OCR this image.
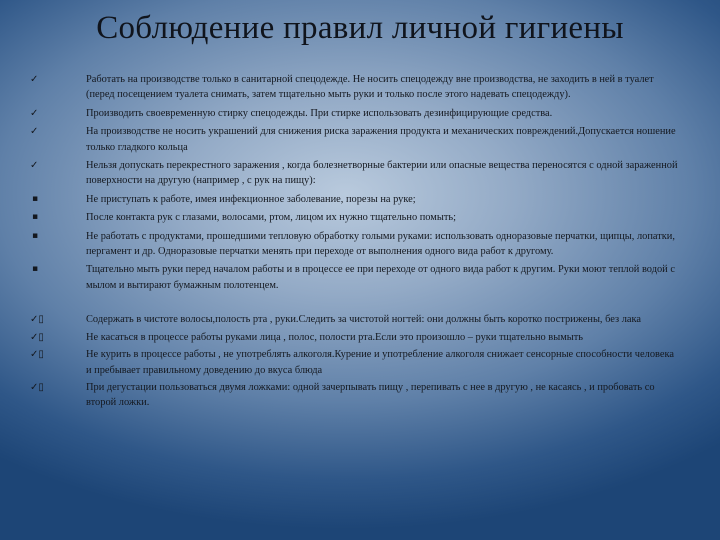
Соблюдение правил личной гигиены
✓	Работать на производстве только в санитарной спецодежде. Не носить спецодежду вне производства, не заходить в ней в туалет (перед посещением туалета снимать, затем тщательно мыть руки и только после этого надевать спецодежду).
✓	Производить своевременную стирку спецодежды. При стирке использовать дезинфицирующие средства.
✓	На производстве не носить украшений для снижения риска заражения продукта и механических повреждений.Допускается ношение только гладкого кольца
✓	Нельзя допускать перекрестного заражения , когда болезнетворные бактерии или опасные вещества переносятся с одной зараженной поверхности на другую (например , с рук на пищу):
▪	Не приступать к работе, имея инфекционное заболевание, порезы на руке;
▪	После контакта рук с глазами, волосами, ртом, лицом их нужно тщательно помыть;
▪	Не работать с продуктами, прошедшими тепловую обработку голыми руками: использовать одноразовые перчатки, щипцы, лопатки, пергамент и др. Одноразовые перчатки менять при переходе от выполнения одного вида работ к другому.
▪	Тщательно мыть руки перед началом работы и в процессе ее при переходе от одного вида работ к другим. Руки моют теплой водой с мылом и вытирают бумажным полотенцем.
✓▯	Содержать в чистоте волосы,полость рта , руки.Следить за чистотой ногтей: они должны быть коротко пострижены, без лака
✓▯	Не касаться в процессе работы руками лица , полос, полости рта.Если это произошло – руки тщательно вымыть
✓▯	Не курить в процессе работы , не употреблять алкоголя.Курение и употребление алкоголя снижает сенсорные способности человека и пребывает правильному доведению до вкуса блюда
✓▯	При дегустации пользоваться двумя ложками: одной зачерпывать пищу , перепивать с нее в другую , не касаясь , и пробовать со второй ложки.
